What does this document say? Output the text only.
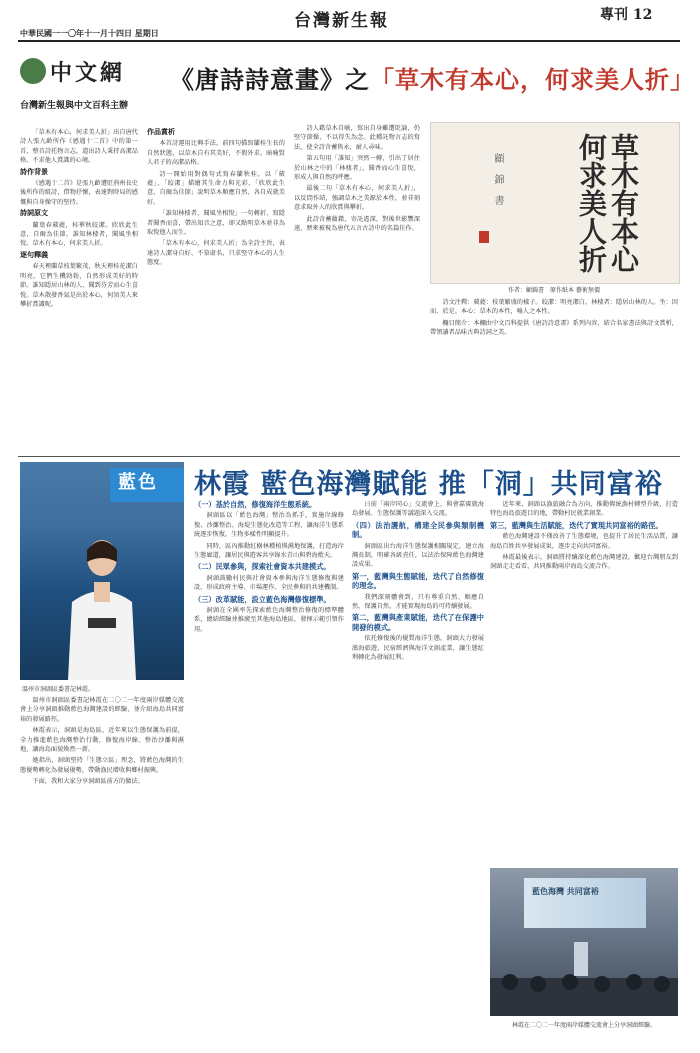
中華民國一一〇年十一月十四日 星期日
台灣新生報	專刊 12
中文網
台灣新生報與中文百科主辦
《唐詩詩意畫》之「草木有本心，何求美人折」

「草木有本心，何求美人折」出自唐代詩人張九齡所作《感遇十二首》中的第一首，整首詩托物言志，道出詩人秉持高潔品格、不求他人賞識的心境。

詩作背景

《感遇十二首》是張九齡遭貶荊州長史後所作的組詩，借物抒懷，表達對時局的感慨與自身操守的堅持。

詩詞原文

蘭葉春葳蕤，桂華秋皎潔。欣欣此生意，自爾為佳節。誰知林棲者，聞風坐相悅。草木有本心，何求美人折。

逐句釋義

春天裡蘭草枝葉繁茂，秋天裡桂花潔白明亮，它們生機勃勃，自然形成美好的時節。誰知隱居山林的人，聞到芬芳而心生喜悅。草木散發香氣是出於本心，何須美人來攀折賞識呢。

作品賞析

本首詩運用比興手法，前四句描寫蘭桂生長的自然狀態，以草木自有其美好，不假外求，暗喻賢人君子的高潔品格。

詩一開始用對偶句式寫春蘭秋桂，以「葳蕤」、「皎潔」描繪其生命力與光彩，「欣欣此生意，自爾為佳節」說明草木順應自然、各自成就美好。

「誰知林棲者，聞風坐相悅」一句轉折，寫隱者聞香而喜，帶出知音之意，卻又點明草木並非為取悅他人而生。

「草木有本心，何求美人折」為全詩主旨，表達詩人潔身自好、不慕虛名，只求堅守本心的人生態度。

詩人藉草木自喻，寫出自身雖遭貶謫，仍堅守節操，不以得失為念。此種託物言志的寫法，使全詩含蓄雋永，耐人尋味。

第五句用「誰知」突然一轉，引出了居住於山林之中的「林棲者」，聞香而心生喜悅，形成人與自然的呼應。

最後二句「草木有本心，何求美人折」，以反問作結，強調草木之美源於本性，並非刻意求取外人的欣賞與攀折。

此詩含蓄蘊藉，寄託遙深，對後世影響深遠，歷來被視為唐代五言古詩中的名篇佳作。	草木有本心
何求美人折
顧 錦 書
作者：顧錦書　原作紙本 藝術無價

詩文注釋：葳蕤：枝葉繁盛的樣子。皎潔：明亮潔白。林棲者：隱居山林的人。坐：因而、於是。本心：草木的本性，喻人之本性。

欄目簡介：本欄由中文百科提供《唐詩詩意畫》系列內容，結合名家書法與詩文賞析，帶領讀者品味古典詩詞之美。

藍色
溫州市洞頭區委書記林霞。
林霞 藍色海灣賦能 推「洞」共同富裕

溫州市洞頭區委書記林霞在二〇二一年度兩岸媒體交流會上分享洞頭推動藍色海灣建設的經驗，並介紹海島共同富裕的發展路徑。

林霞表示，洞頭是海島區，近年來以生態保護為前提，全力推進藍色海灣整治行動，修復海岸線、整治沙灘與濕地，讓海島面貌煥然一新。

她指出，洞頭堅持「生態立區」理念，將藍色海灣的生態優勢轉化為發展優勢，帶動漁民增收與鄉村振興。

下面，我和大家分享洞頭區前方的做法。

（一）基於自然，修復海洋生態系統。

洞頭區以「藍色海灣」整治為抓手，實施岸線修復、沙灘整治、海堤生態化改造等工程，讓海洋生態系統逐步恢復，生物多樣性明顯提升。

同時，區內推動紅樹林種植與濕地保護，打造海岸生態廊道，讓居民與遊客共享綠水青山與碧海藍天。

（二）民眾參與，探索社會資本共建模式。

洞頭鼓勵村民與社會資本參與海洋生態修復與建設，形成政府主導、市場運作、全民參與的共建機制。

（三）改革賦能，設立藍色海灣修復標準。

洞頭在全國率先探索藍色海灣整治修復的標準體系，總結經驗並推廣至其他海島地區，發揮示範引領作用。

日前「兩岸同心」交流會上，與會嘉賓就海島發展、生態保護等議題深入交流。

（四）法治護航，構建全民參與類制機制。

洞頭區出台海洋生態保護相關規定，建立海灣長制，明確各級責任，以法治保障藍色海灣建設成果。

第一，藍灣與生態賦能，迭代了自然修復的理念。

我們深刻體會到，只有尊重自然、順應自然、保護自然，才能實現海島的可持續發展。

第二，藍灣與產業賦能，迭代了在保護中開發的模式。

依托修復後的優質海洋生態，洞頭大力發展濱海旅遊、民宿經濟與海洋文創產業，讓生態紅利轉化為發展紅利。

近年來，洞頭以漁旅融合為方向，推動傳統漁村轉型升級，打造特色海島旅遊目的地，帶動村民就業創業。

第三，藍灣與生活賦能，迭代了實現共同富裕的路徑。

藍色海灣建設不僅改善了生態環境，也提升了居民生活品質，讓海島百姓共享發展成果，逐步走向共同富裕。

林霞最後表示，洞頭將持續深化藍色海灣建設，歡迎台灣朋友到洞頭走走看看，共同推動兩岸海島交流合作。

藍色海灣 共同富裕
林霞在二〇二一年度兩岸媒體交流會上分享洞頭經驗。
